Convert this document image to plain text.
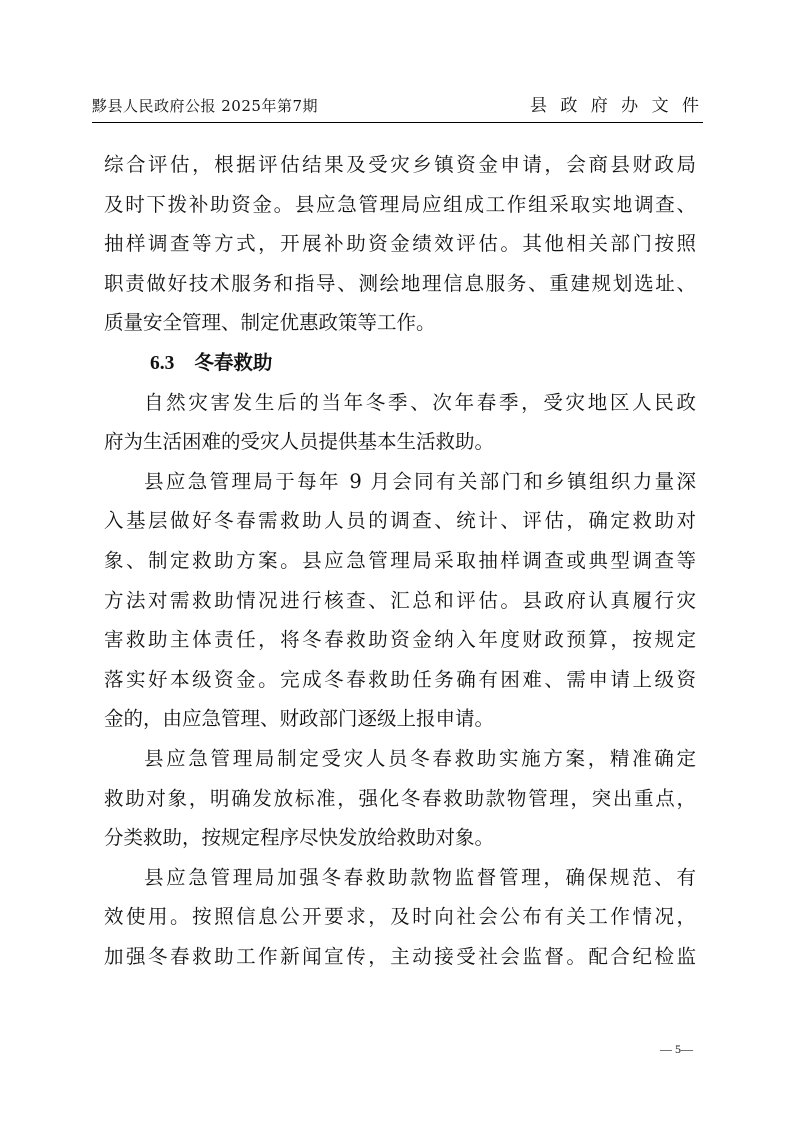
黟县人民政府公报 2025年第7期	县 政 府 办 文 件
综合评估，根据评估结果及受灾乡镇资金申请，会商县财政局
及时下拨补助资金。县应急管理局应组成工作组采取实地调查、
抽样调查等方式，开展补助资金绩效评估。其他相关部门按照
职责做好技术服务和指导、测绘地理信息服务、重建规划选址、
质量安全管理、制定优惠政策等工作。
6.3 冬春救助
自然灾害发生后的当年冬季、次年春季，受灾地区人民政
府为生活困难的受灾人员提供基本生活救助。
县应急管理局于每年 9 月会同有关部门和乡镇组织力量深
入基层做好冬春需救助人员的调查、统计、评估，确定救助对
象、制定救助方案。县应急管理局采取抽样调查或典型调查等
方法对需救助情况进行核查、汇总和评估。县政府认真履行灾
害救助主体责任，将冬春救助资金纳入年度财政预算，按规定
落实好本级资金。完成冬春救助任务确有困难、需申请上级资
金的，由应急管理、财政部门逐级上报申请。
县应急管理局制定受灾人员冬春救助实施方案，精准确定
救助对象，明确发放标准，强化冬春救助款物管理，突出重点，
分类救助，按规定程序尽快发放给救助对象。
县应急管理局加强冬春救助款物监督管理，确保规范、有
效使用。按照信息公开要求，及时向社会公布有关工作情况，
加强冬春救助工作新闻宣传，主动接受社会监督。配合纪检监
— 5—
